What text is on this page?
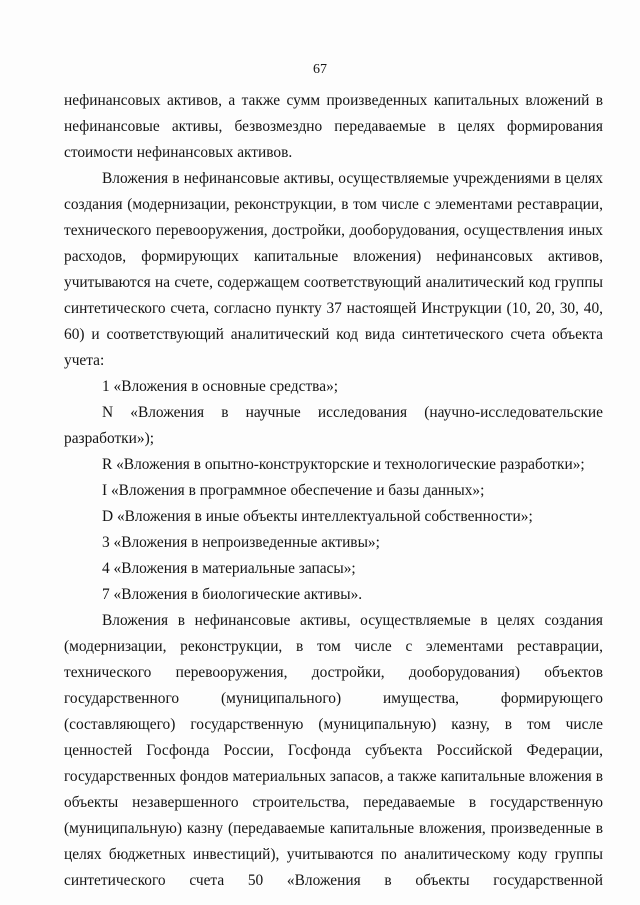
67

нефинансовых активов, а также сумм произведенных капитальных вложений в нефинансовые активы, безвозмездно передаваемые в целях формирования стоимости нефинансовых активов.

Вложения в нефинансовые активы, осуществляемые учреждениями в целях создания (модернизации, реконструкции, в том числе с элементами реставрации, технического перевооружения, достройки, дооборудования, осуществления иных расходов, формирующих капитальные вложения) нефинансовых активов, учитываются на счете, содержащем соответствующий аналитический код группы синтетического счета, согласно пункту 37 настоящей Инструкции (10, 20, 30, 40, 60) и соответствующий аналитический код вида синтетического счета объекта учета:

1 «Вложения в основные средства»;

N «Вложения в научные исследования (научно-исследовательские разработки»);

R «Вложения в опытно-конструкторские и технологические разработки»;

I «Вложения в программное обеспечение и базы данных»;

D «Вложения в иные объекты интеллектуальной собственности»;

3 «Вложения в непроизведенные активы»;

4 «Вложения в материальные запасы»;

7 «Вложения в биологические активы».

Вложения в нефинансовые активы, осуществляемые в целях создания (модернизации, реконструкции, в том числе с элементами реставрации, технического перевооружения, достройки, дооборудования) объектов государственного (муниципального) имущества, формирующего (составляющего) государственную (муниципальную) казну, в том числе ценностей Госфонда России, Госфонда субъекта Российской Федерации, государственных фондов материальных запасов, а также капитальные вложения в объекты незавершенного строительства, передаваемые в государственную (муниципальную) казну (передаваемые капитальные вложения, произведенные в целях бюджетных инвестиций), учитываются по аналитическому коду группы синтетического счета 50 «Вложения в объекты государственной
